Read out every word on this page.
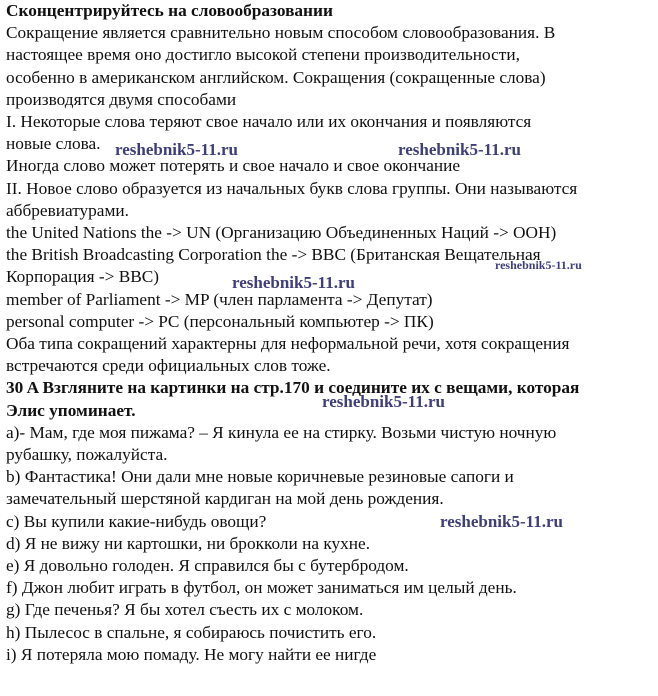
Сконцентрируйтесь на словообразовании

Сокращение является сравнительно новым способом словообразования. В

настоящее время оно достигло высокой степени производительности,

особенно в американском английском. Сокращения (сокращенные слова)

производятся двумя способами

I. Некоторые слова теряют свое начало или их окончания и появляются

новые слова.

Иногда слово может потерять и свое начало и свое окончание

II. Новое слово образуется из начальных букв слова группы. Они называются

аббревиатурами.

the United Nations the -> UN (Организацию Объединенных Наций -> ООН)

the British Broadcasting Corporation the -> BBC (Британская Вещательная

Корпорация -> BBC)

member of Parliament -> MP (член парламента -> Депутат)

personal computer -> PC (персональный компьютер -> ПК)

Оба типа сокращений характерны для неформальной речи, хотя сокращения

встречаются среди официальных слов тоже.

30 A Взгляните на картинки на стр.170 и соедините их с вещами, которая

Элис упоминает.

a)- Мам, где моя пижама? – Я кинула ее на стирку. Возьми чистую ночную

рубашку, пожалуйста.

b) Фантастика! Они дали мне новые коричневые резиновые сапоги и

замечательный шерстяной кардиган на мой день рождения.

c) Вы купили какие-нибудь овощи?

d) Я не вижу ни картошки, ни брокколи на кухне.

e) Я довольно голоден. Я справился бы с бутербродом.

f) Джон любит играть в футбол, он может заниматься им целый день.

g) Где печенья? Я бы хотел съесть их с молоком.

h) Пылесос в спальне, я собираюсь почистить его.

i) Я потеряла мою помаду. Не могу найти ее нигде

reshebnik5-11.ru	reshebnik5-11.ru
reshebnik5-11.ru
reshebnik5-11.ru
reshebnik5-11.ru
reshebnik5-11.ru
